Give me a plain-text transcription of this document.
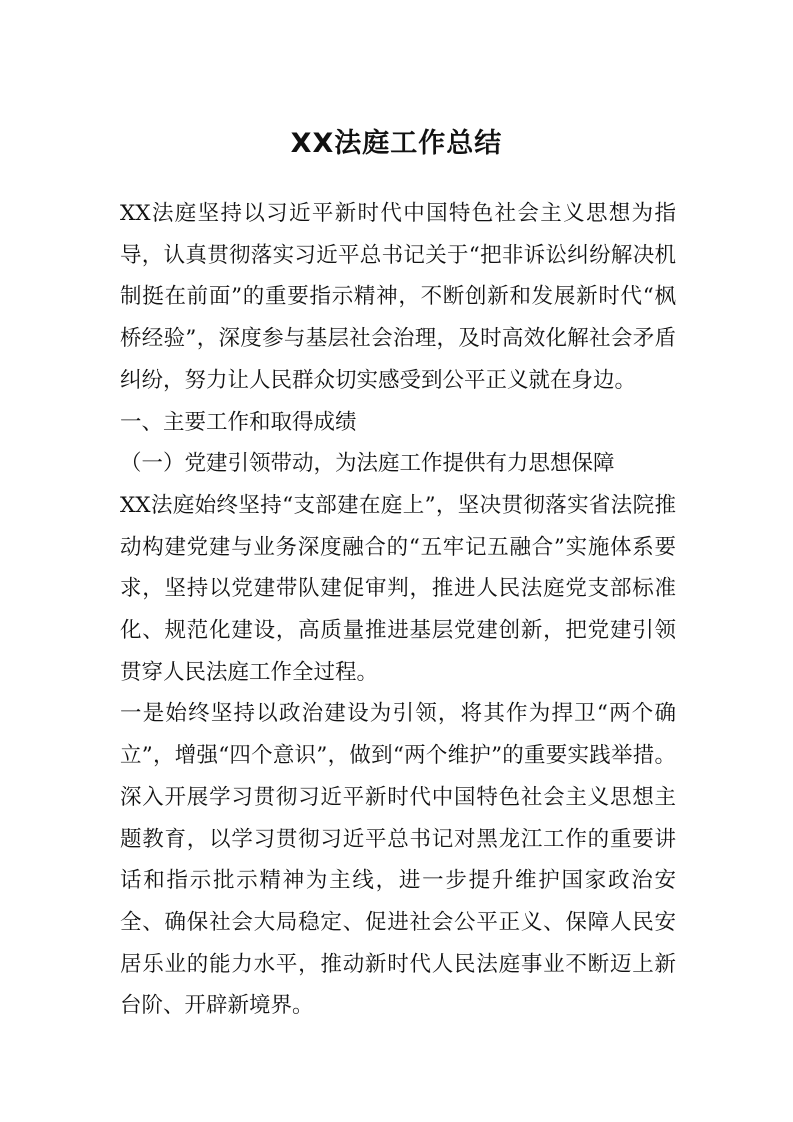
XX法庭工作总结

XX法庭坚持以习近平新时代中国特色社会主义思想为指导，认真贯彻落实习近平总书记关于“把非诉讼纠纷解决机制挺在前面”的重要指示精神，不断创新和发展新时代“枫桥经验”，深度参与基层社会治理，及时高效化解社会矛盾纠纷，努力让人民群众切实感受到公平正义就在身边。

一、主要工作和取得成绩

（一）党建引领带动，为法庭工作提供有力思想保障

XX法庭始终坚持“支部建在庭上”，坚决贯彻落实省法院推动构建党建与业务深度融合的“五牢记五融合”实施体系要求，坚持以党建带队建促审判，推进人民法庭党支部标准化、规范化建设，高质量推进基层党建创新，把党建引领贯穿人民法庭工作全过程。

一是始终坚持以政治建设为引领，将其作为捍卫“两个确立”，增强“四个意识”，做到“两个维护”的重要实践举措。深入开展学习贯彻习近平新时代中国特色社会主义思想主题教育，以学习贯彻习近平总书记对黑龙江工作的重要讲话和指示批示精神为主线，进一步提升维护国家政治安全、确保社会大局稳定、促进社会公平正义、保障人民安居乐业的能力水平，推动新时代人民法庭事业不断迈上新台阶、开辟新境界。
